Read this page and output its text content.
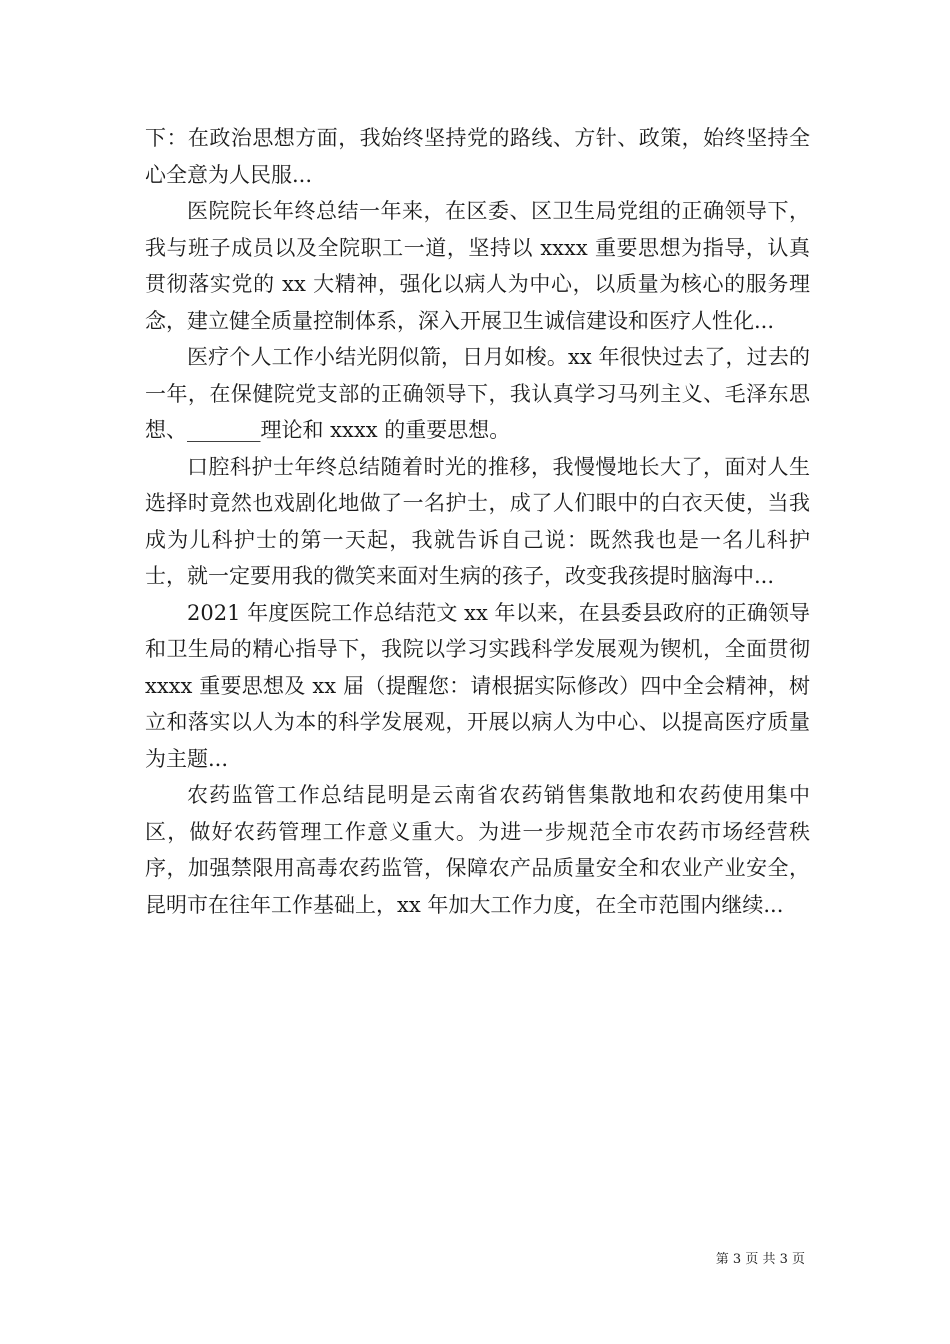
下：在政治思想方面，我始终坚持党的路线、方针、政策，始终坚持全心全意为人民服...

医院院长年终总结一年来，在区委、区卫生局党组的正确领导下，我与班子成员以及全院职工一道，坚持以 xxxx 重要思想为指导，认真贯彻落实党的 xx 大精神，强化以病人为中心，以质量为核心的服务理念，建立健全质量控制体系，深入开展卫生诚信建设和医疗人性化...

医疗个人工作小结光阴似箭，日月如梭。xx 年很快过去了，过去的一年，在保健院党支部的正确领导下，我认真学习马列主义、毛泽东思想、_______理论和 xxxx 的重要思想。

口腔科护士年终总结随着时光的推移，我慢慢地长大了，面对人生选择时竟然也戏剧化地做了一名护士，成了人们眼中的白衣天使，当我成为儿科护士的第一天起，我就告诉自己说：既然我也是一名儿科护士，就一定要用我的微笑来面对生病的孩子，改变我孩提时脑海中...

2021 年度医院工作总结范文 xx 年以来，在县委县政府的正确领导和卫生局的精心指导下，我院以学习实践科学发展观为锲机，全面贯彻 xxxx 重要思想及 xx 届（提醒您：请根据实际修改）四中全会精神，树立和落实以人为本的科学发展观，开展以病人为中心、以提高医疗质量为主题...

农药监管工作总结昆明是云南省农药销售集散地和农药使用集中区，做好农药管理工作意义重大。为进一步规范全市农药市场经营秩序，加强禁限用高毒农药监管，保障农产品质量安全和农业产业安全，昆明市在往年工作基础上，xx 年加大工作力度，在全市范围内继续...

第 3 页 共 3 页
